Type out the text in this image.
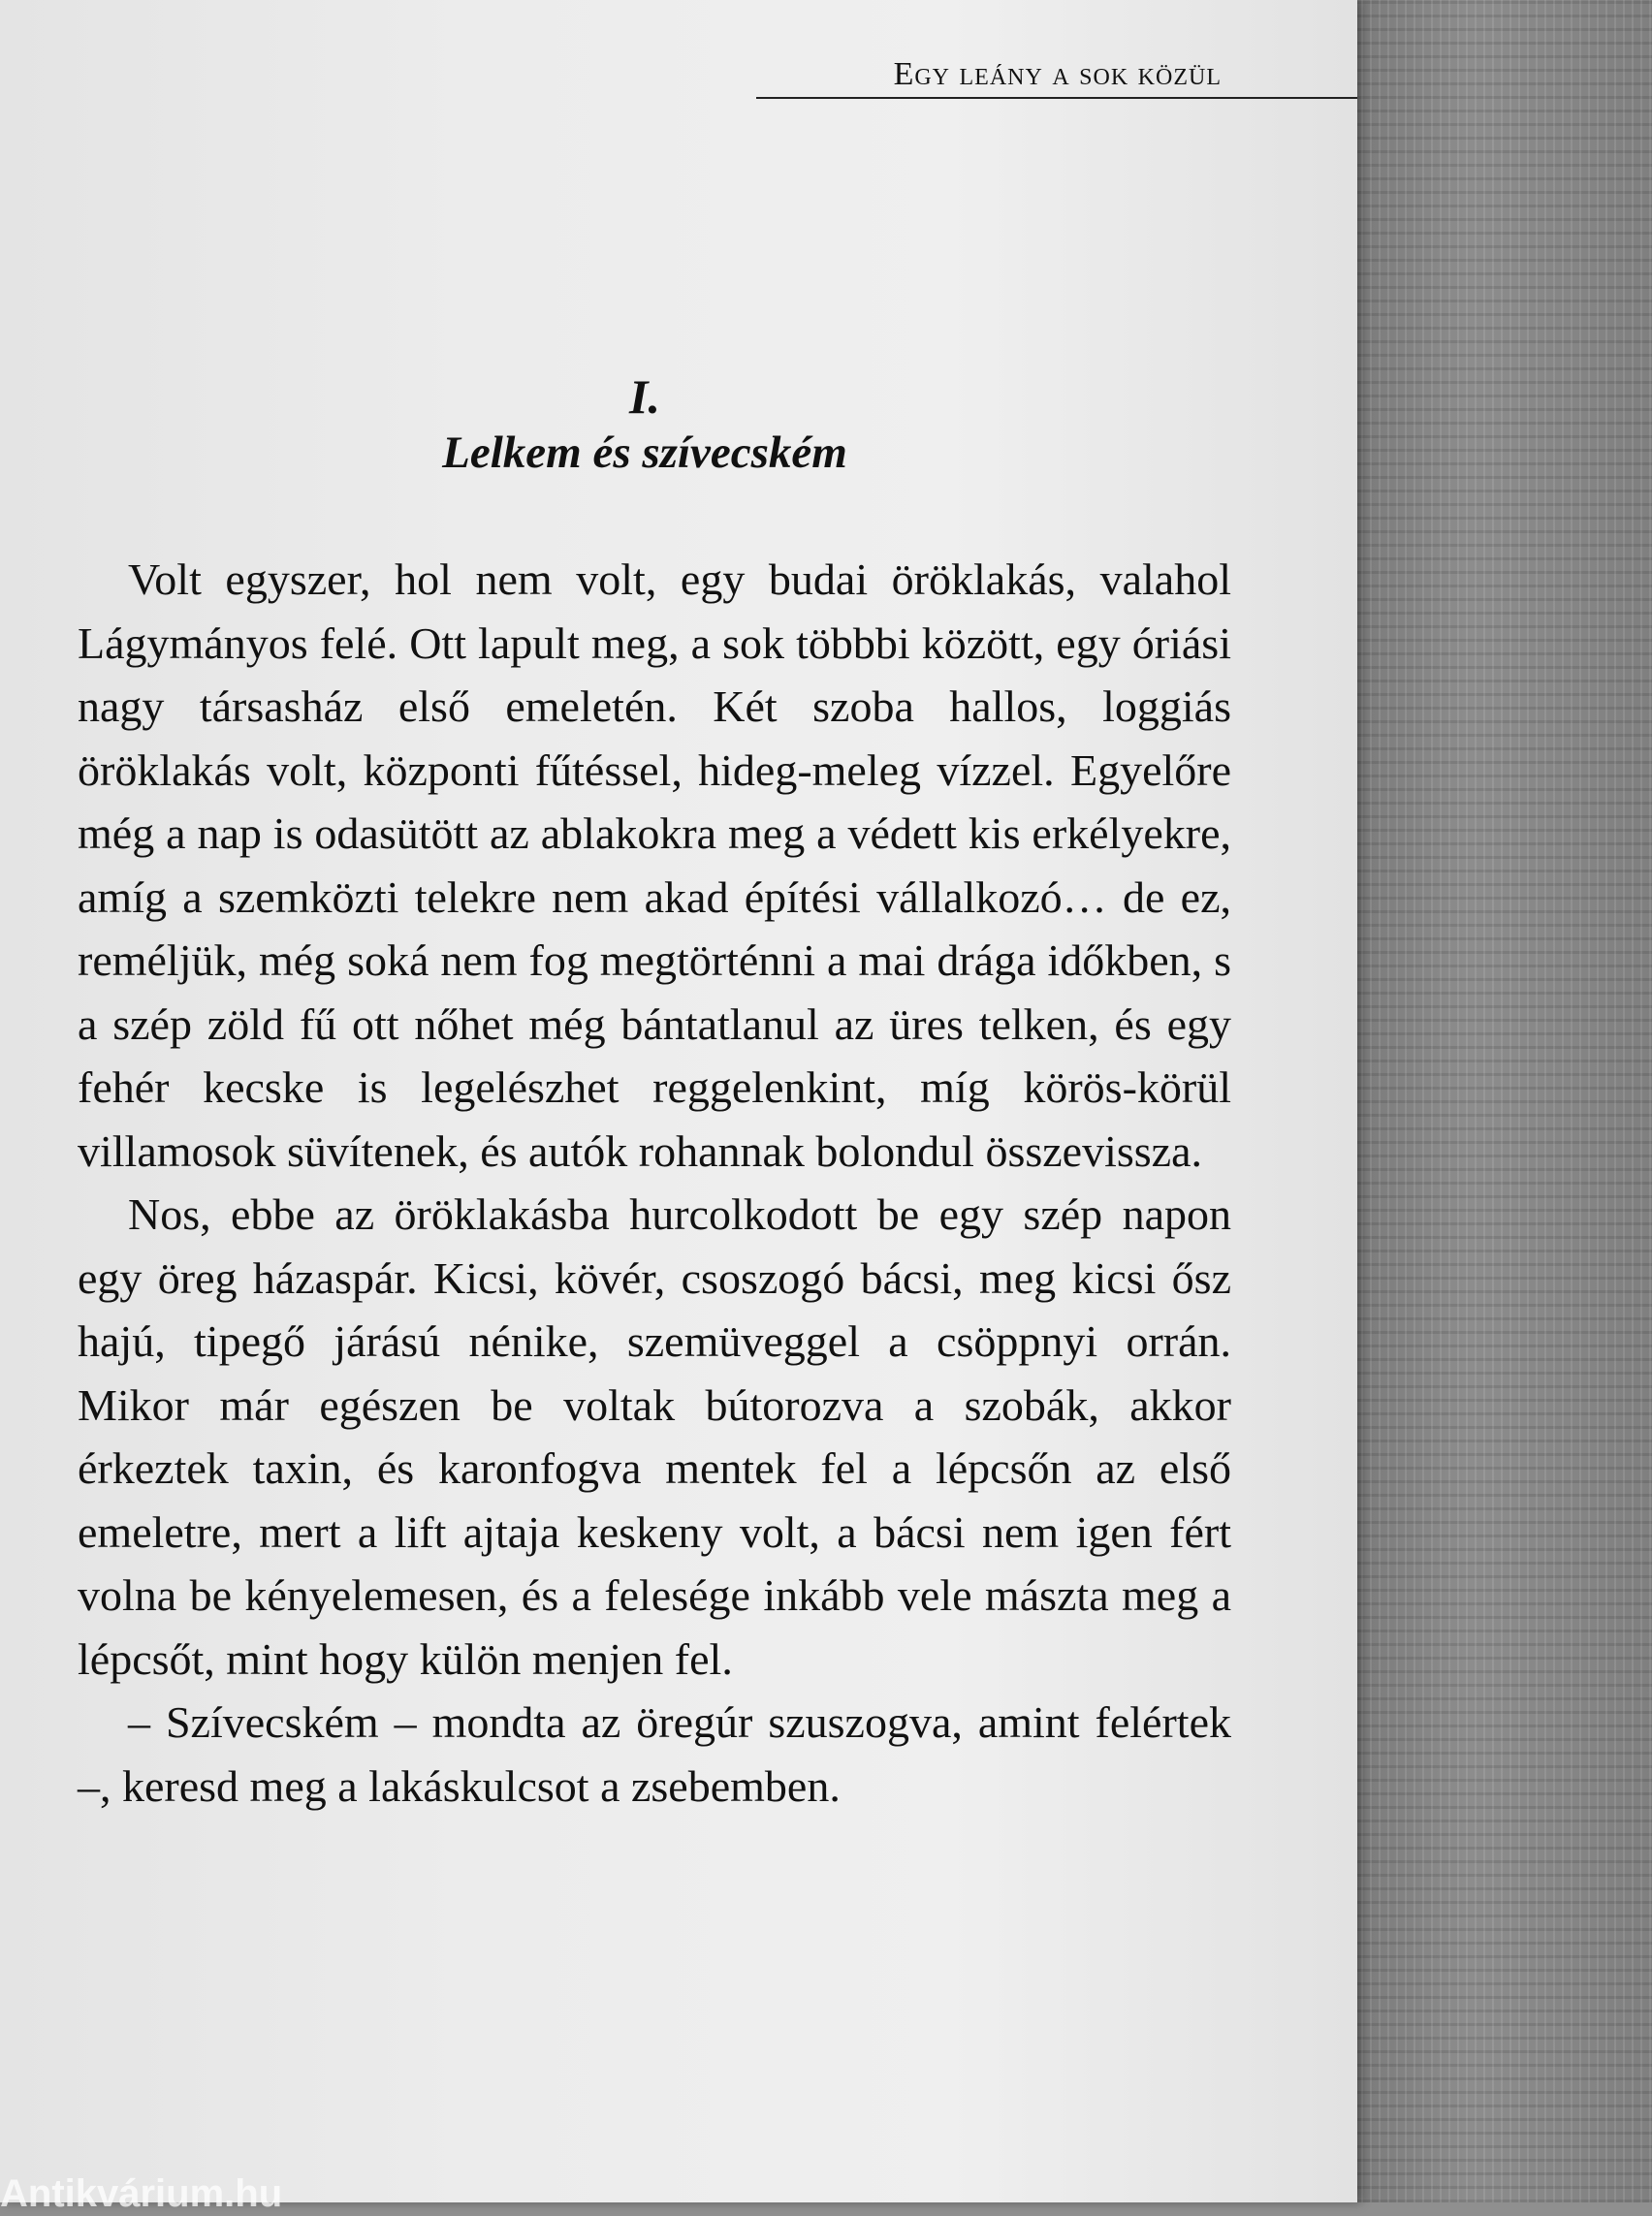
Egy leány a sok közül
I.
Lelkem és szívecském

Volt egyszer, hol nem volt, egy budai öröklakás, valahol Lágymányos felé. Ott lapult meg, a sok többbi között, egy óriási nagy társasház első emeletén. Két szoba hallos, loggiás öröklakás volt, központi fűtéssel, hideg-meleg vízzel. Egyelőre még a nap is odasütött az ablakokra meg a védett kis erkélyekre, amíg a szemközti telekre nem akad építési vállalkozó… de ez, reméljük, még soká nem fog megtörténni a mai drága időkben, s a szép zöld fű ott nőhet még bántatlanul az üres telken, és egy fehér kecske is legelészhet reggelenkint, míg körös-körül villamosok süvítenek, és autók rohannak bolondul összevissza.

Nos, ebbe az öröklakásba hurcolkodott be egy szép napon egy öreg házaspár. Kicsi, kövér, csoszogó bácsi, meg kicsi ősz hajú, tipegő járású nénike, szemüveggel a csöppnyi orrán. Mikor már egészen be voltak bútorozva a szobák, akkor érkeztek taxin, és karonfogva mentek fel a lépcsőn az első emeletre, mert a lift ajtaja keskeny volt, a bácsi nem igen fért volna be kényelemesen, és a felesége inkább vele másztа meg a lépcsőt, mint hogy külön menjen fel.

– Szívecském – mondta az öregúr szuszogva, amint felértek –, keresd meg a lakáskulcsot a zsebemben.

Antikvárium.hu
